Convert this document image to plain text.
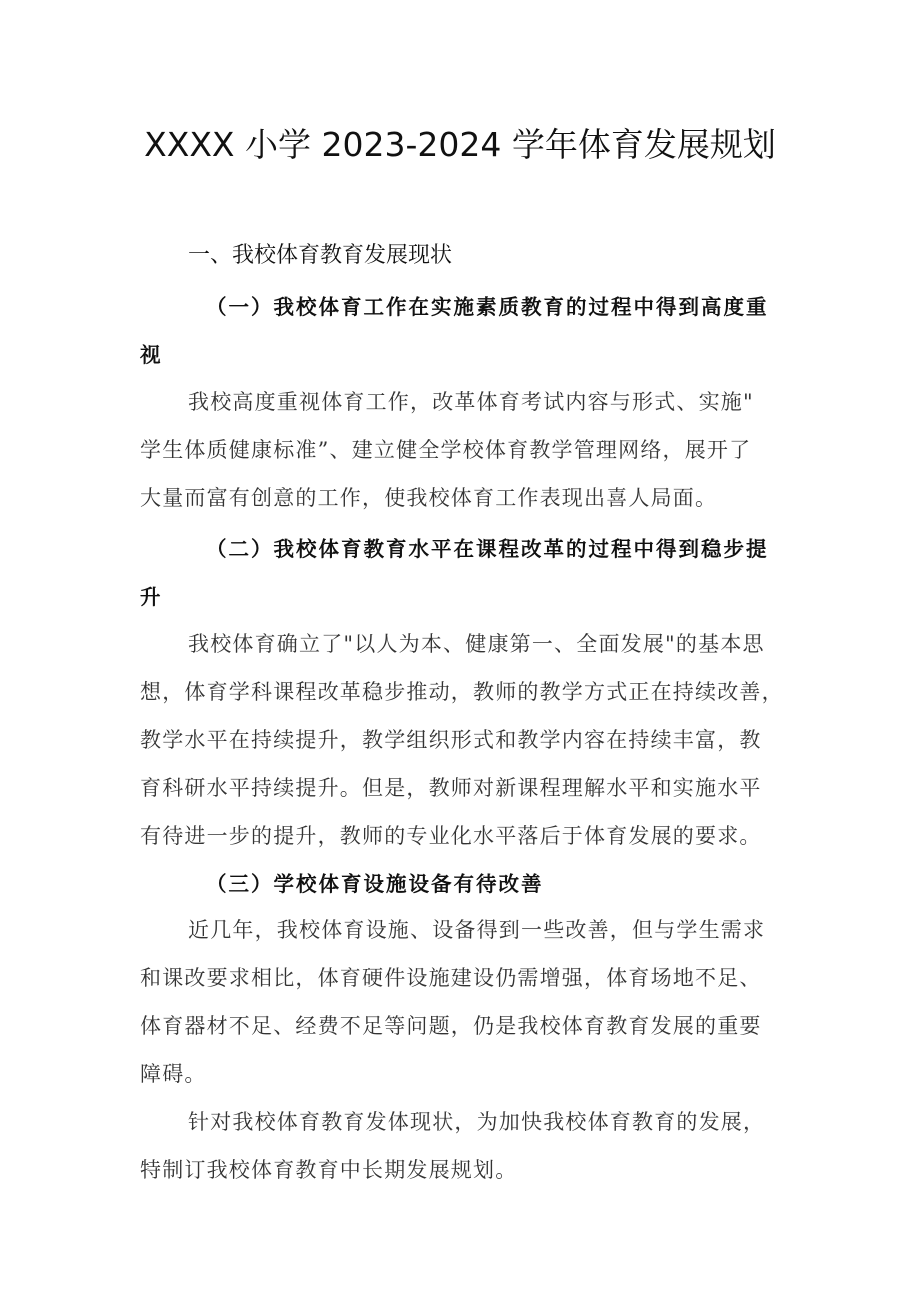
XXXX 小学 2023-2024 学年体育发展规划
一、我校体育教育发展现状
（一）我校体育工作在实施素质教育的过程中得到高度重
视
我校高度重视体育工作，改革体育考试内容与形式、实施"
学生体质健康标准”、建立健全学校体育教学管理网络，展开了
大量而富有创意的工作，使我校体育工作表现出喜人局面。
（二）我校体育教育水平在课程改革的过程中得到稳步提
升
我校体育确立了"以人为本、健康第一、全面发展"的基本思
想，体育学科课程改革稳步推动，教师的教学方式正在持续改善，
教学水平在持续提升，教学组织形式和教学内容在持续丰富，教
育科研水平持续提升。但是，教师对新课程理解水平和实施水平
有待进一步的提升，教师的专业化水平落后于体育发展的要求。
（三）学校体育设施设备有待改善
近几年，我校体育设施、设备得到一些改善，但与学生需求
和课改要求相比，体育硬件设施建设仍需增强，体育场地不足、
体育器材不足、经费不足等问题，仍是我校体育教育发展的重要
障碍。
针对我校体育教育发体现状，为加快我校体育教育的发展，
特制订我校体育教育中长期发展规划。
